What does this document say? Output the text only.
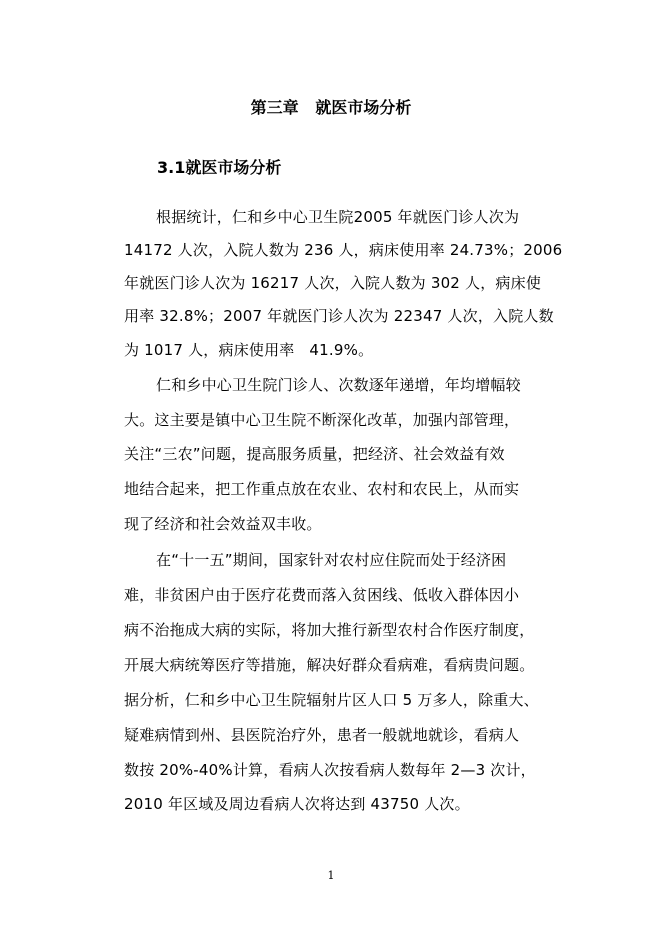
第三章   就医市场分析
3.1就医市场分析
根据统计，仁和乡中心卫生院2005 年就医门诊人次为
14172 人次，入院人数为 236 人，病床使用率 24.73%；2006
年就医门诊人次为 16217 人次，入院人数为 302 人，病床使
用率 32.8%；2007 年就医门诊人次为 22347 人次，入院人数
为 1017 人，病床使用率   41.9%。
仁和乡中心卫生院门诊人、次数逐年递增，年均增幅较
大。这主要是镇中心卫生院不断深化改革，加强内部管理，
关注“三农”问题，提高服务质量，把经济、社会效益有效
地结合起来，把工作重点放在农业、农村和农民上，从而实
现了经济和社会效益双丰收。
在“十一五”期间，国家针对农村应住院而处于经济困
难，非贫困户由于医疗花费而落入贫困线、低收入群体因小
病不治拖成大病的实际，将加大推行新型农村合作医疗制度，
开展大病统筹医疗等措施，解决好群众看病难，看病贵问题。
据分析，仁和乡中心卫生院辐射片区人口 5 万多人，除重大、
疑难病情到州、县医院治疗外，患者一般就地就诊，看病人
数按 20%-40%计算，看病人次按看病人数每年 2—3 次计，
2010 年区域及周边看病人次将达到 43750 人次。
1
